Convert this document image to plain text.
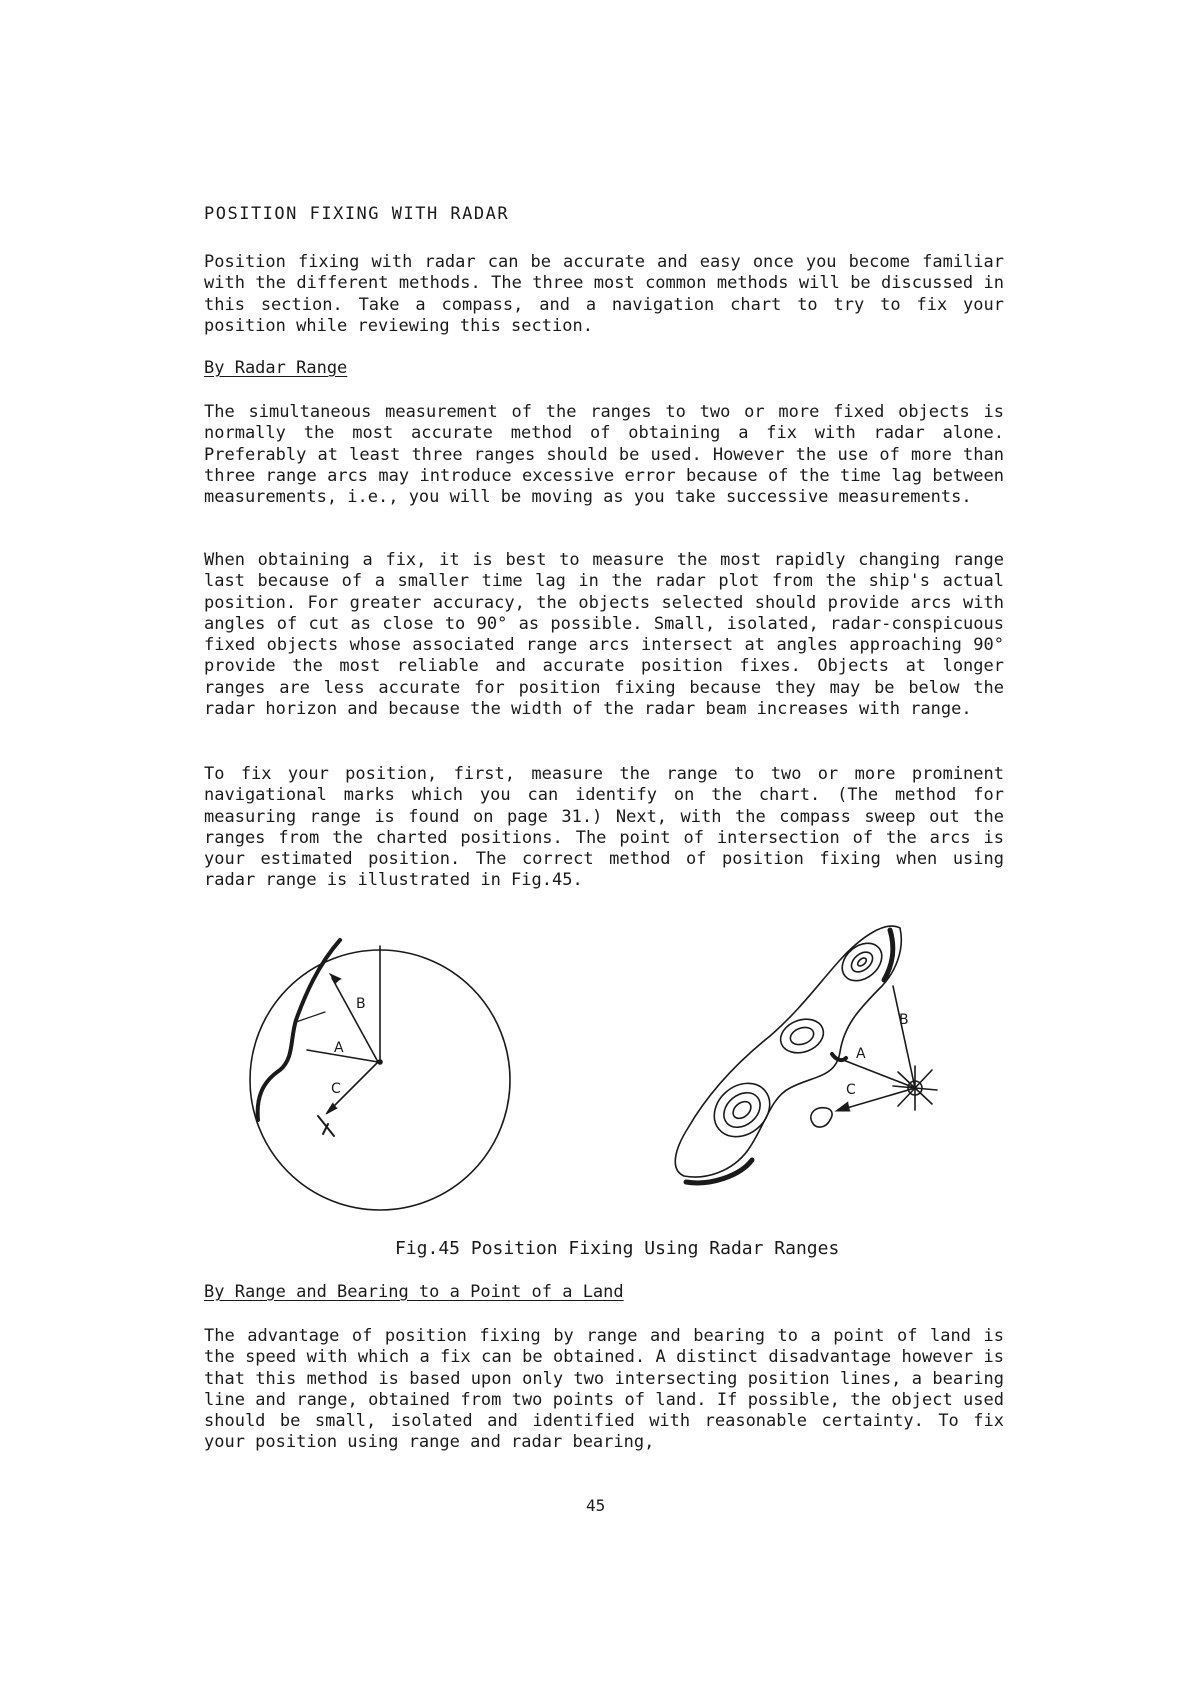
POSITION FIXING WITH RADAR

Position fixing with radar can be accurate and easy once you become familiar with the different methods. The three most common methods will be discussed in this section. Take a compass, and a navigation chart to try to fix your position while reviewing this section.

By Radar Range

The simultaneous measurement of the ranges to two or more fixed objects is normally the most accurate method of obtaining a fix with radar alone. Preferably at least three ranges should be used. However the use of more than three range arcs may introduce excessive error because of the time lag between measurements, i.e., you will be moving as you take successive measurements.

When obtaining a fix, it is best to measure the most rapidly changing range last because of a smaller time lag in the radar plot from the ship's actual position. For greater accuracy, the objects selected should provide arcs with angles of cut as close to 90° as possible. Small, isolated, radar-conspicuous fixed objects whose associated range arcs intersect at angles approaching 90° provide the most reliable and accurate position fixes. Objects at longer ranges are less accurate for position fixing because they may be below the radar horizon and because the width of the radar beam increases with range.

To fix your position, first, measure the range to two or more prominent navigational marks which you can identify on the chart. (The method for measuring range is found on page 31.) Next, with the compass sweep out the ranges from the charted positions. The point of intersection of the arcs is your estimated position. The correct method of position fixing when using radar range is illustrated in Fig.45.

B
A
C
B
A
C

Fig.45 Position Fixing Using Radar Ranges

By Range and Bearing to a Point of a Land

The advantage of position fixing by range and bearing to a point of land is the speed with which a fix can be obtained. A distinct disadvantage however is that this method is based upon only two intersecting position lines, a bearing line and range, obtained from two points of land. If possible, the object used should be small, isolated and identified with reasonable certainty. To fix your position using range and radar bearing,

45
